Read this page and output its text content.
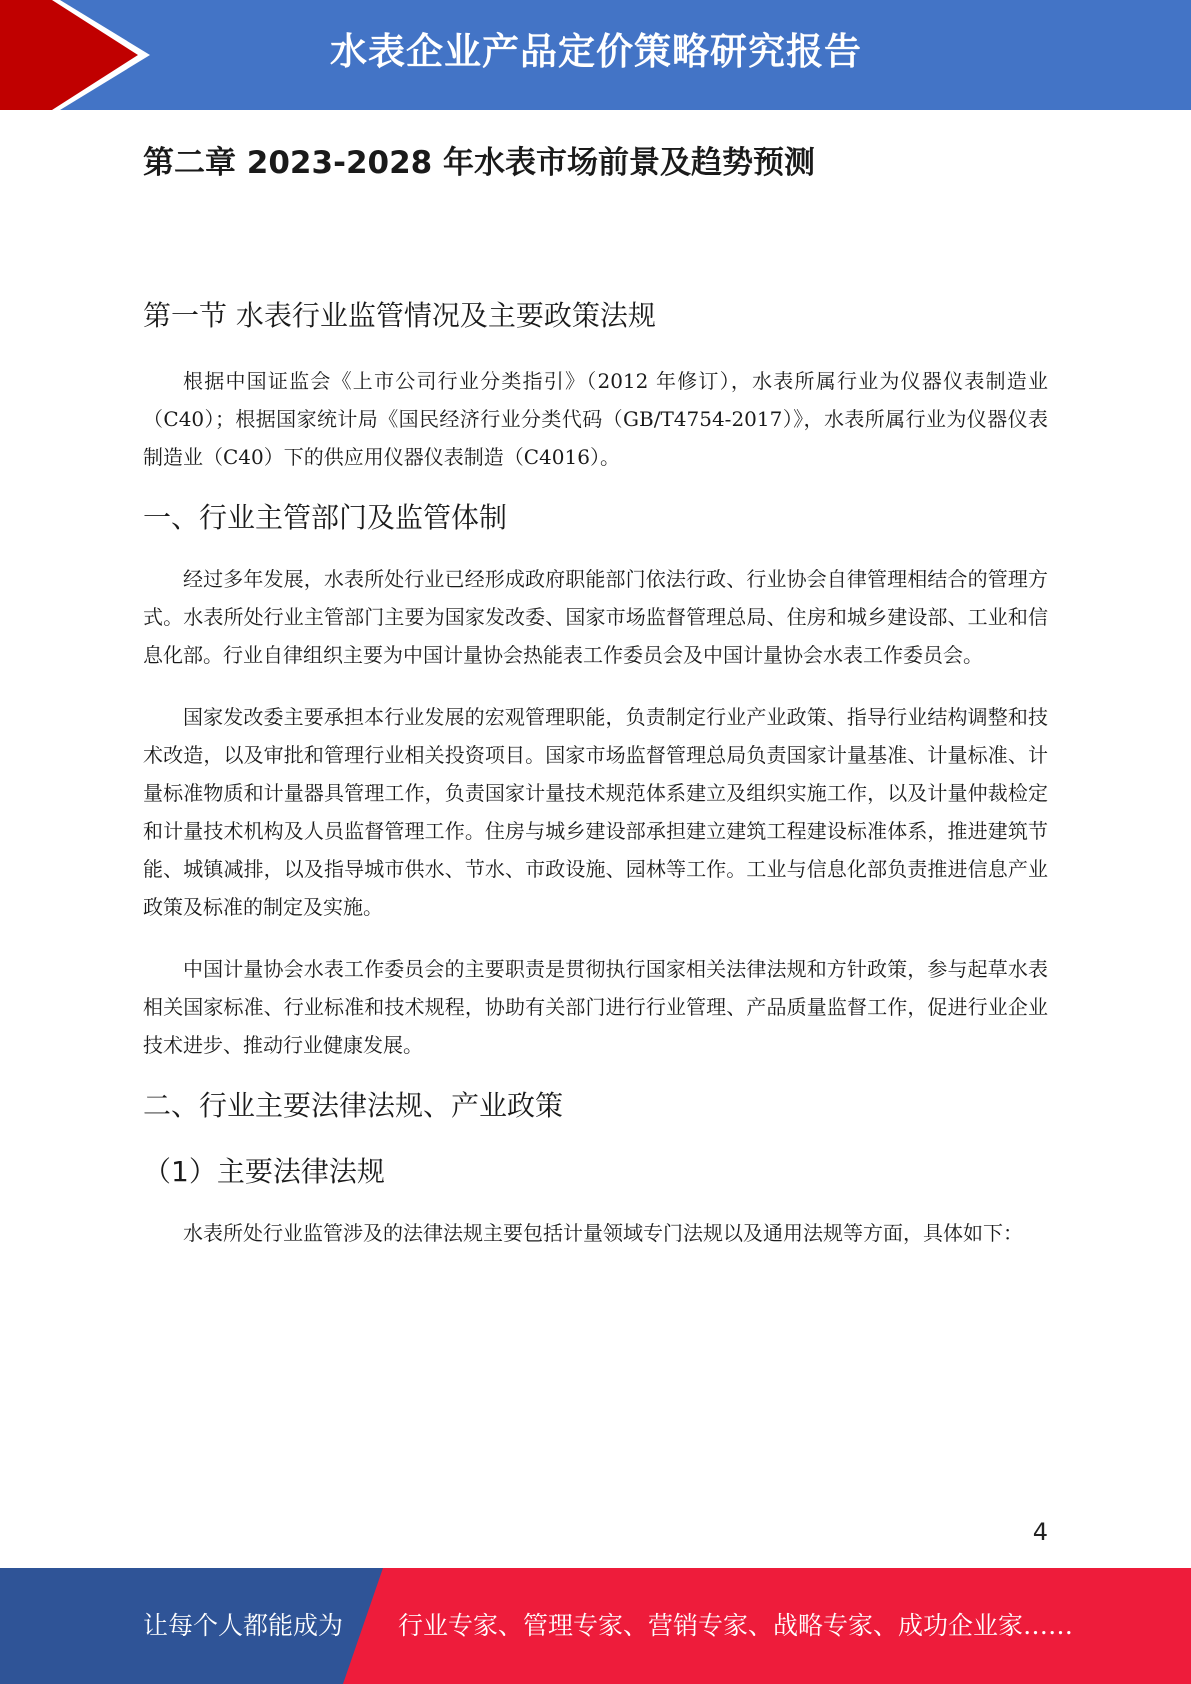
水表企业产品定价策略研究报告
第二章 2023-2028 年水表市场前景及趋势预测
第一节 水表行业监管情况及主要政策法规

根据中国证监会《上市公司行业分类指引》（2012 年修订），水表所属行业为仪器仪表制造业（C40）；根据国家统计局《国民经济行业分类代码（GB/T4754-2017）》，水表所属行业为仪器仪表制造业（C40）下的供应用仪器仪表制造（C4016）。

一、行业主管部门及监管体制

经过多年发展，水表所处行业已经形成政府职能部门依法行政、行业协会自律管理相结合的管理方式。水表所处行业主管部门主要为国家发改委、国家市场监督管理总局、住房和城乡建设部、工业和信息化部。行业自律组织主要为中国计量协会热能表工作委员会及中国计量协会水表工作委员会。

国家发改委主要承担本行业发展的宏观管理职能，负责制定行业产业政策、指导行业结构调整和技术改造，以及审批和管理行业相关投资项目。国家市场监督管理总局负责国家计量基准、计量标准、计量标准物质和计量器具管理工作，负责国家计量技术规范体系建立及组织实施工作，以及计量仲裁检定和计量技术机构及人员监督管理工作。住房与城乡建设部承担建立建筑工程建设标准体系，推进建筑节能、城镇减排，以及指导城市供水、节水、市政设施、园林等工作。工业与信息化部负责推进信息产业政策及标准的制定及实施。

中国计量协会水表工作委员会的主要职责是贯彻执行国家相关法律法规和方针政策，参与起草水表相关国家标准、行业标准和技术规程，协助有关部门进行行业管理、产品质量监督工作，促进行业企业技术进步、推动行业健康发展。

二、行业主要法律法规、产业政策
（1）主要法律法规

水表所处行业监管涉及的法律法规主要包括计量领域专门法规以及通用法规等方面，具体如下：

4
让每个人都能成为 行业专家、管理专家、营销专家、战略专家、成功企业家……
